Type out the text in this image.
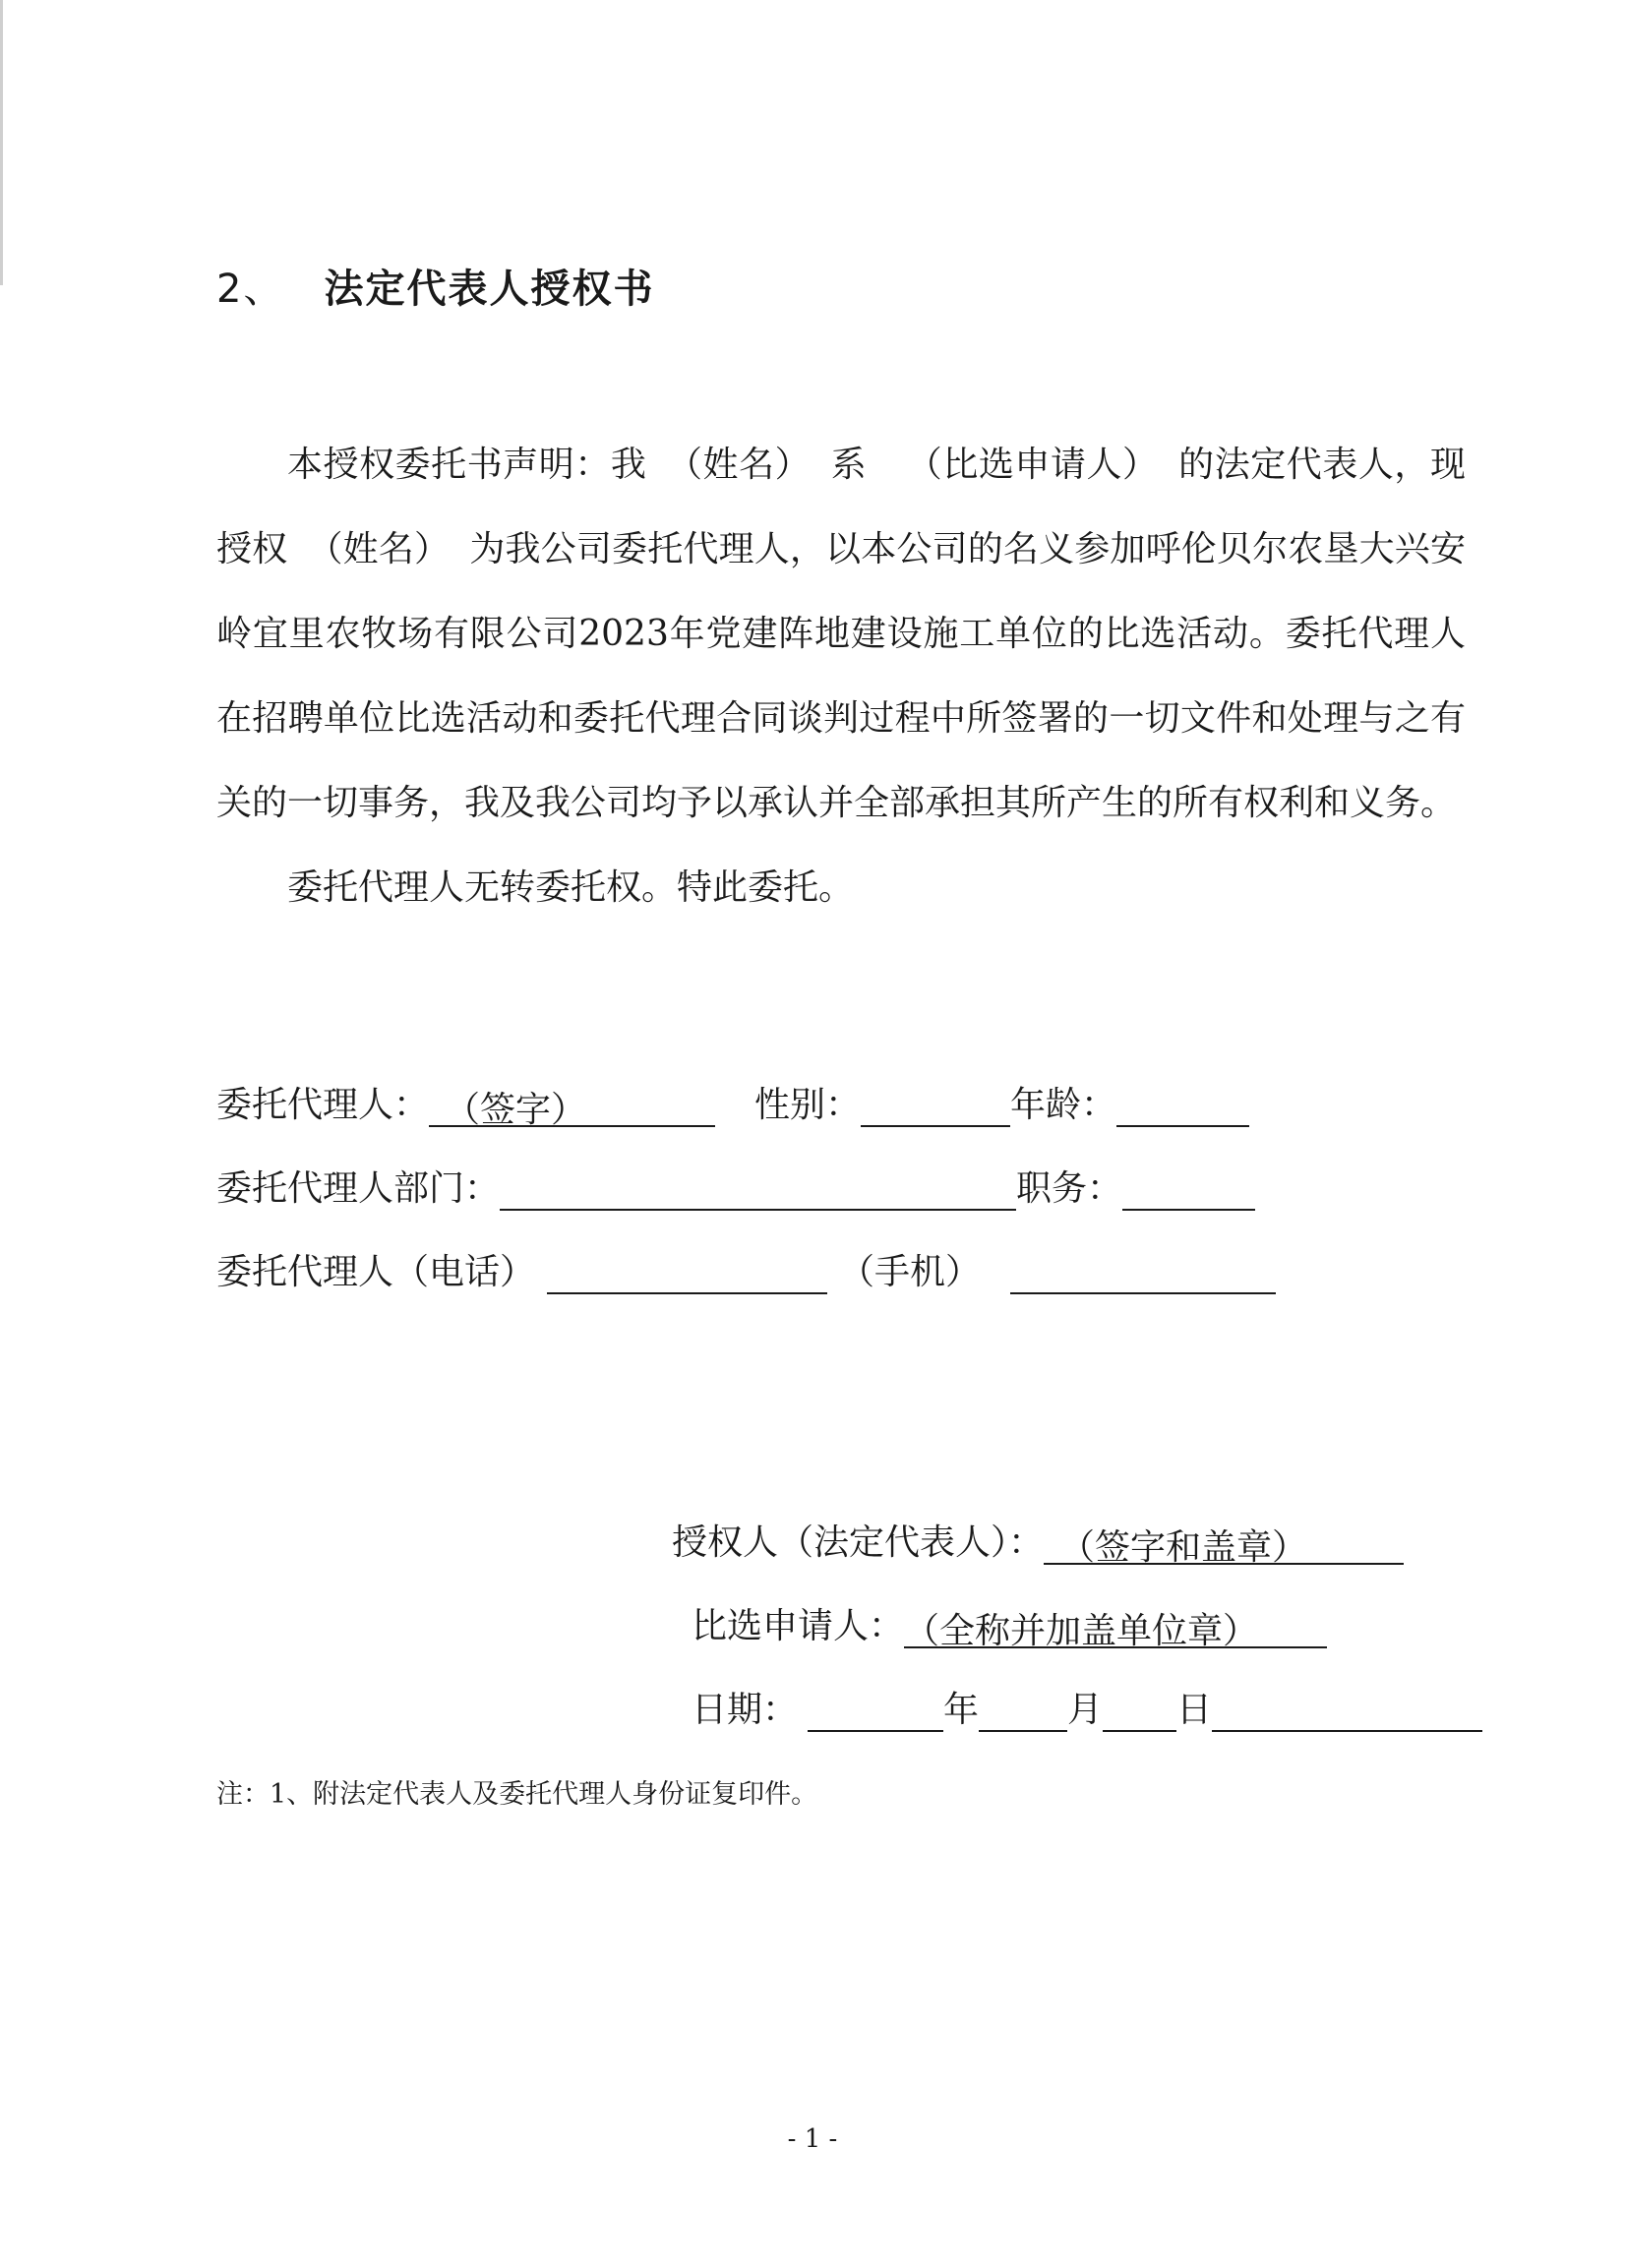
2、 法定代表人授权书

本授权委托书声明：我 （姓名） 系 （比选申请人） 的法定代表人，现授权 （姓名） 为我公司委托代理人，以本公司的名义参加呼伦贝尔农垦大兴安岭宜里农牧场有限公司2023年党建阵地建设施工单位的比选活动。委托代理人在招聘单位比选活动和委托代理合同谈判过程中所签署的一切文件和处理与之有关的一切事务，我及我公司均予以承认并全部承担其所产生的所有权利和义务。

委托代理人无转委托权。特此委托。

委托代理人： （签字）	性别：	年龄：
委托代理人部门：	职务：
委托代理人（电话）	（手机）
授权人（法定代表人）： （签字和盖章）
比选申请人：（全称并加盖单位章）
日期：	年	月 日
注：1、附法定代表人及委托代理人身份证复印件。
- 1 -
